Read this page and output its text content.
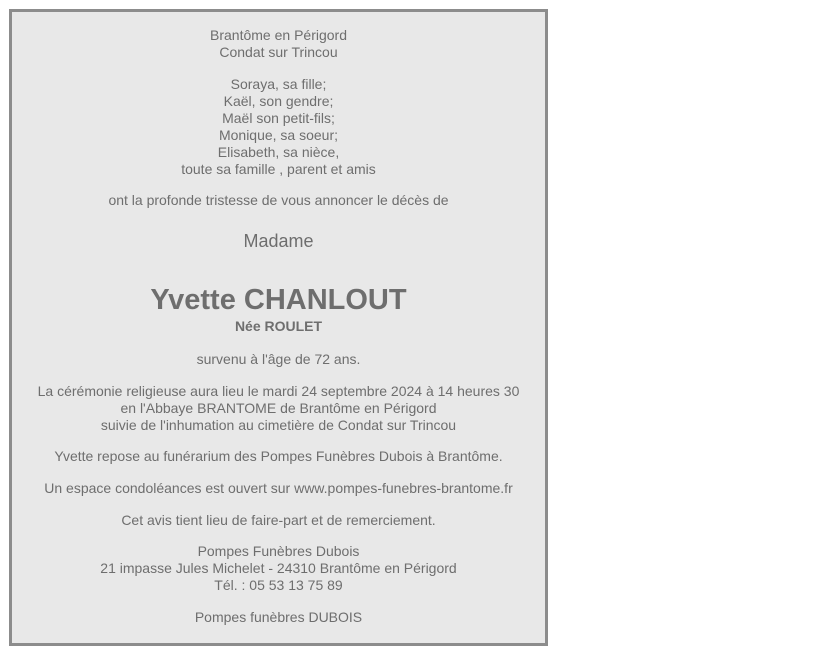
Brantôme en Périgord
Condat sur Trincou
Soraya, sa fille;
Kaël, son gendre;
Maël son petit-fils;
Monique, sa soeur;
Elisabeth, sa nièce,
toute sa famille , parent et amis
ont la profonde tristesse de vous annoncer le décès de
Madame
Yvette CHANLOUT
Née ROULET
survenu à l'âge de 72 ans.
La cérémonie religieuse aura lieu le mardi 24 septembre 2024 à 14 heures 30
en l'Abbaye BRANTOME de Brantôme en Périgord
suivie de l'inhumation au cimetière de Condat sur Trincou
Yvette repose au funérarium des Pompes Funèbres Dubois à Brantôme.
Un espace condoléances est ouvert sur www.pompes-funebres-brantome.fr
Cet avis tient lieu de faire-part et de remerciement.
Pompes Funèbres Dubois
21 impasse Jules Michelet - 24310 Brantôme en Périgord
Tél. : 05 53 13 75 89
Pompes funèbres DUBOIS
